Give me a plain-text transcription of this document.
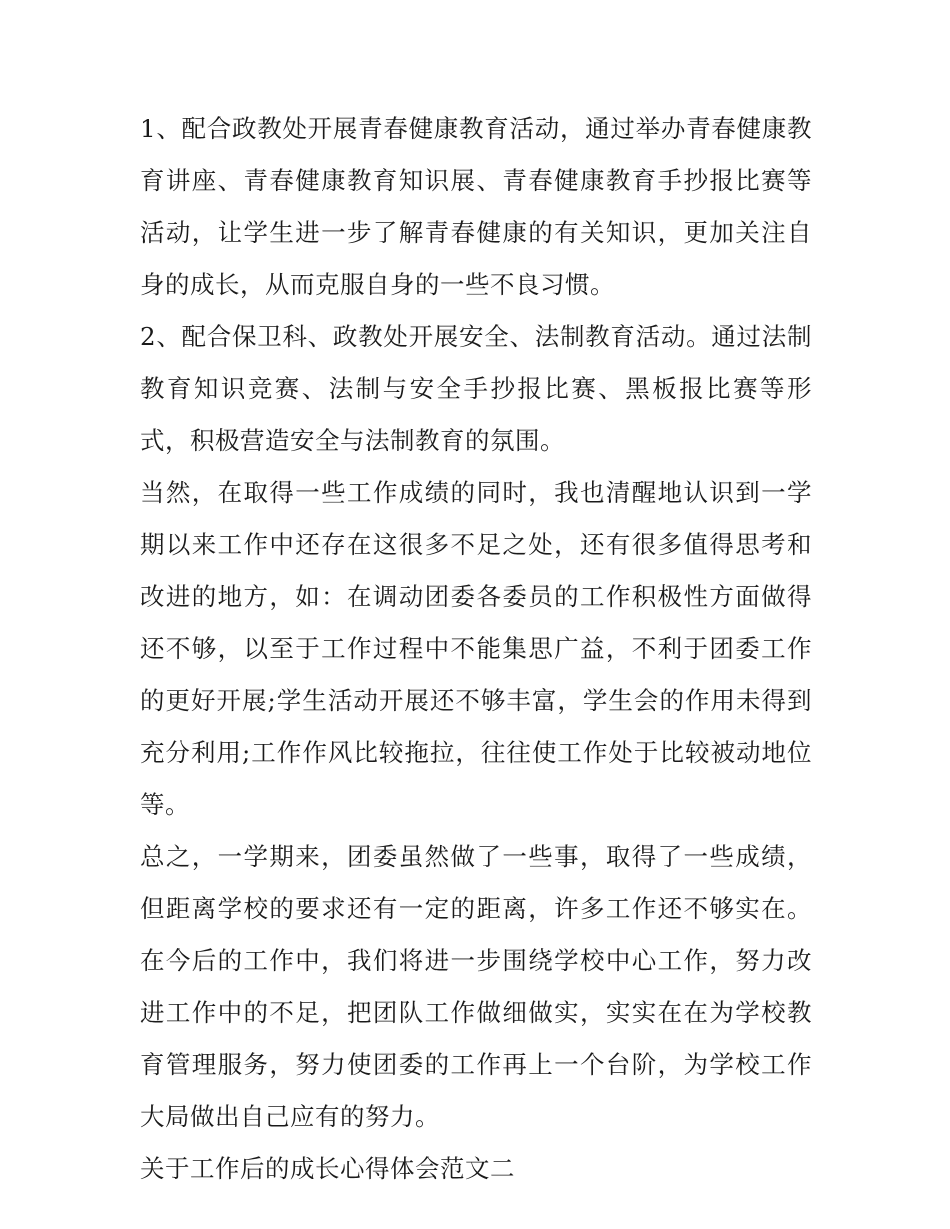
1、配合政教处开展青春健康教育活动，通过举办青春健康教育讲座、青春健康教育知识展、青春健康教育手抄报比赛等活动，让学生进一步了解青春健康的有关知识，更加关注自身的成长，从而克服自身的一些不良习惯。

2、配合保卫科、政教处开展安全、法制教育活动。通过法制教育知识竞赛、法制与安全手抄报比赛、黑板报比赛等形式，积极营造安全与法制教育的氛围。

当然，在取得一些工作成绩的同时，我也清醒地认识到一学期以来工作中还存在这很多不足之处，还有很多值得思考和改进的地方，如：在调动团委各委员的工作积极性方面做得还不够，以至于工作过程中不能集思广益，不利于团委工作的更好开展;学生活动开展还不够丰富，学生会的作用未得到充分利用;工作作风比较拖拉，往往使工作处于比较被动地位等。

总之，一学期来，团委虽然做了一些事，取得了一些成绩，但距离学校的要求还有一定的距离，许多工作还不够实在。在今后的工作中，我们将进一步围绕学校中心工作，努力改进工作中的不足，把团队工作做细做实，实实在在为学校教育管理服务，努力使团委的工作再上一个台阶，为学校工作大局做出自己应有的努力。

关于工作后的成长心得体会范文二
